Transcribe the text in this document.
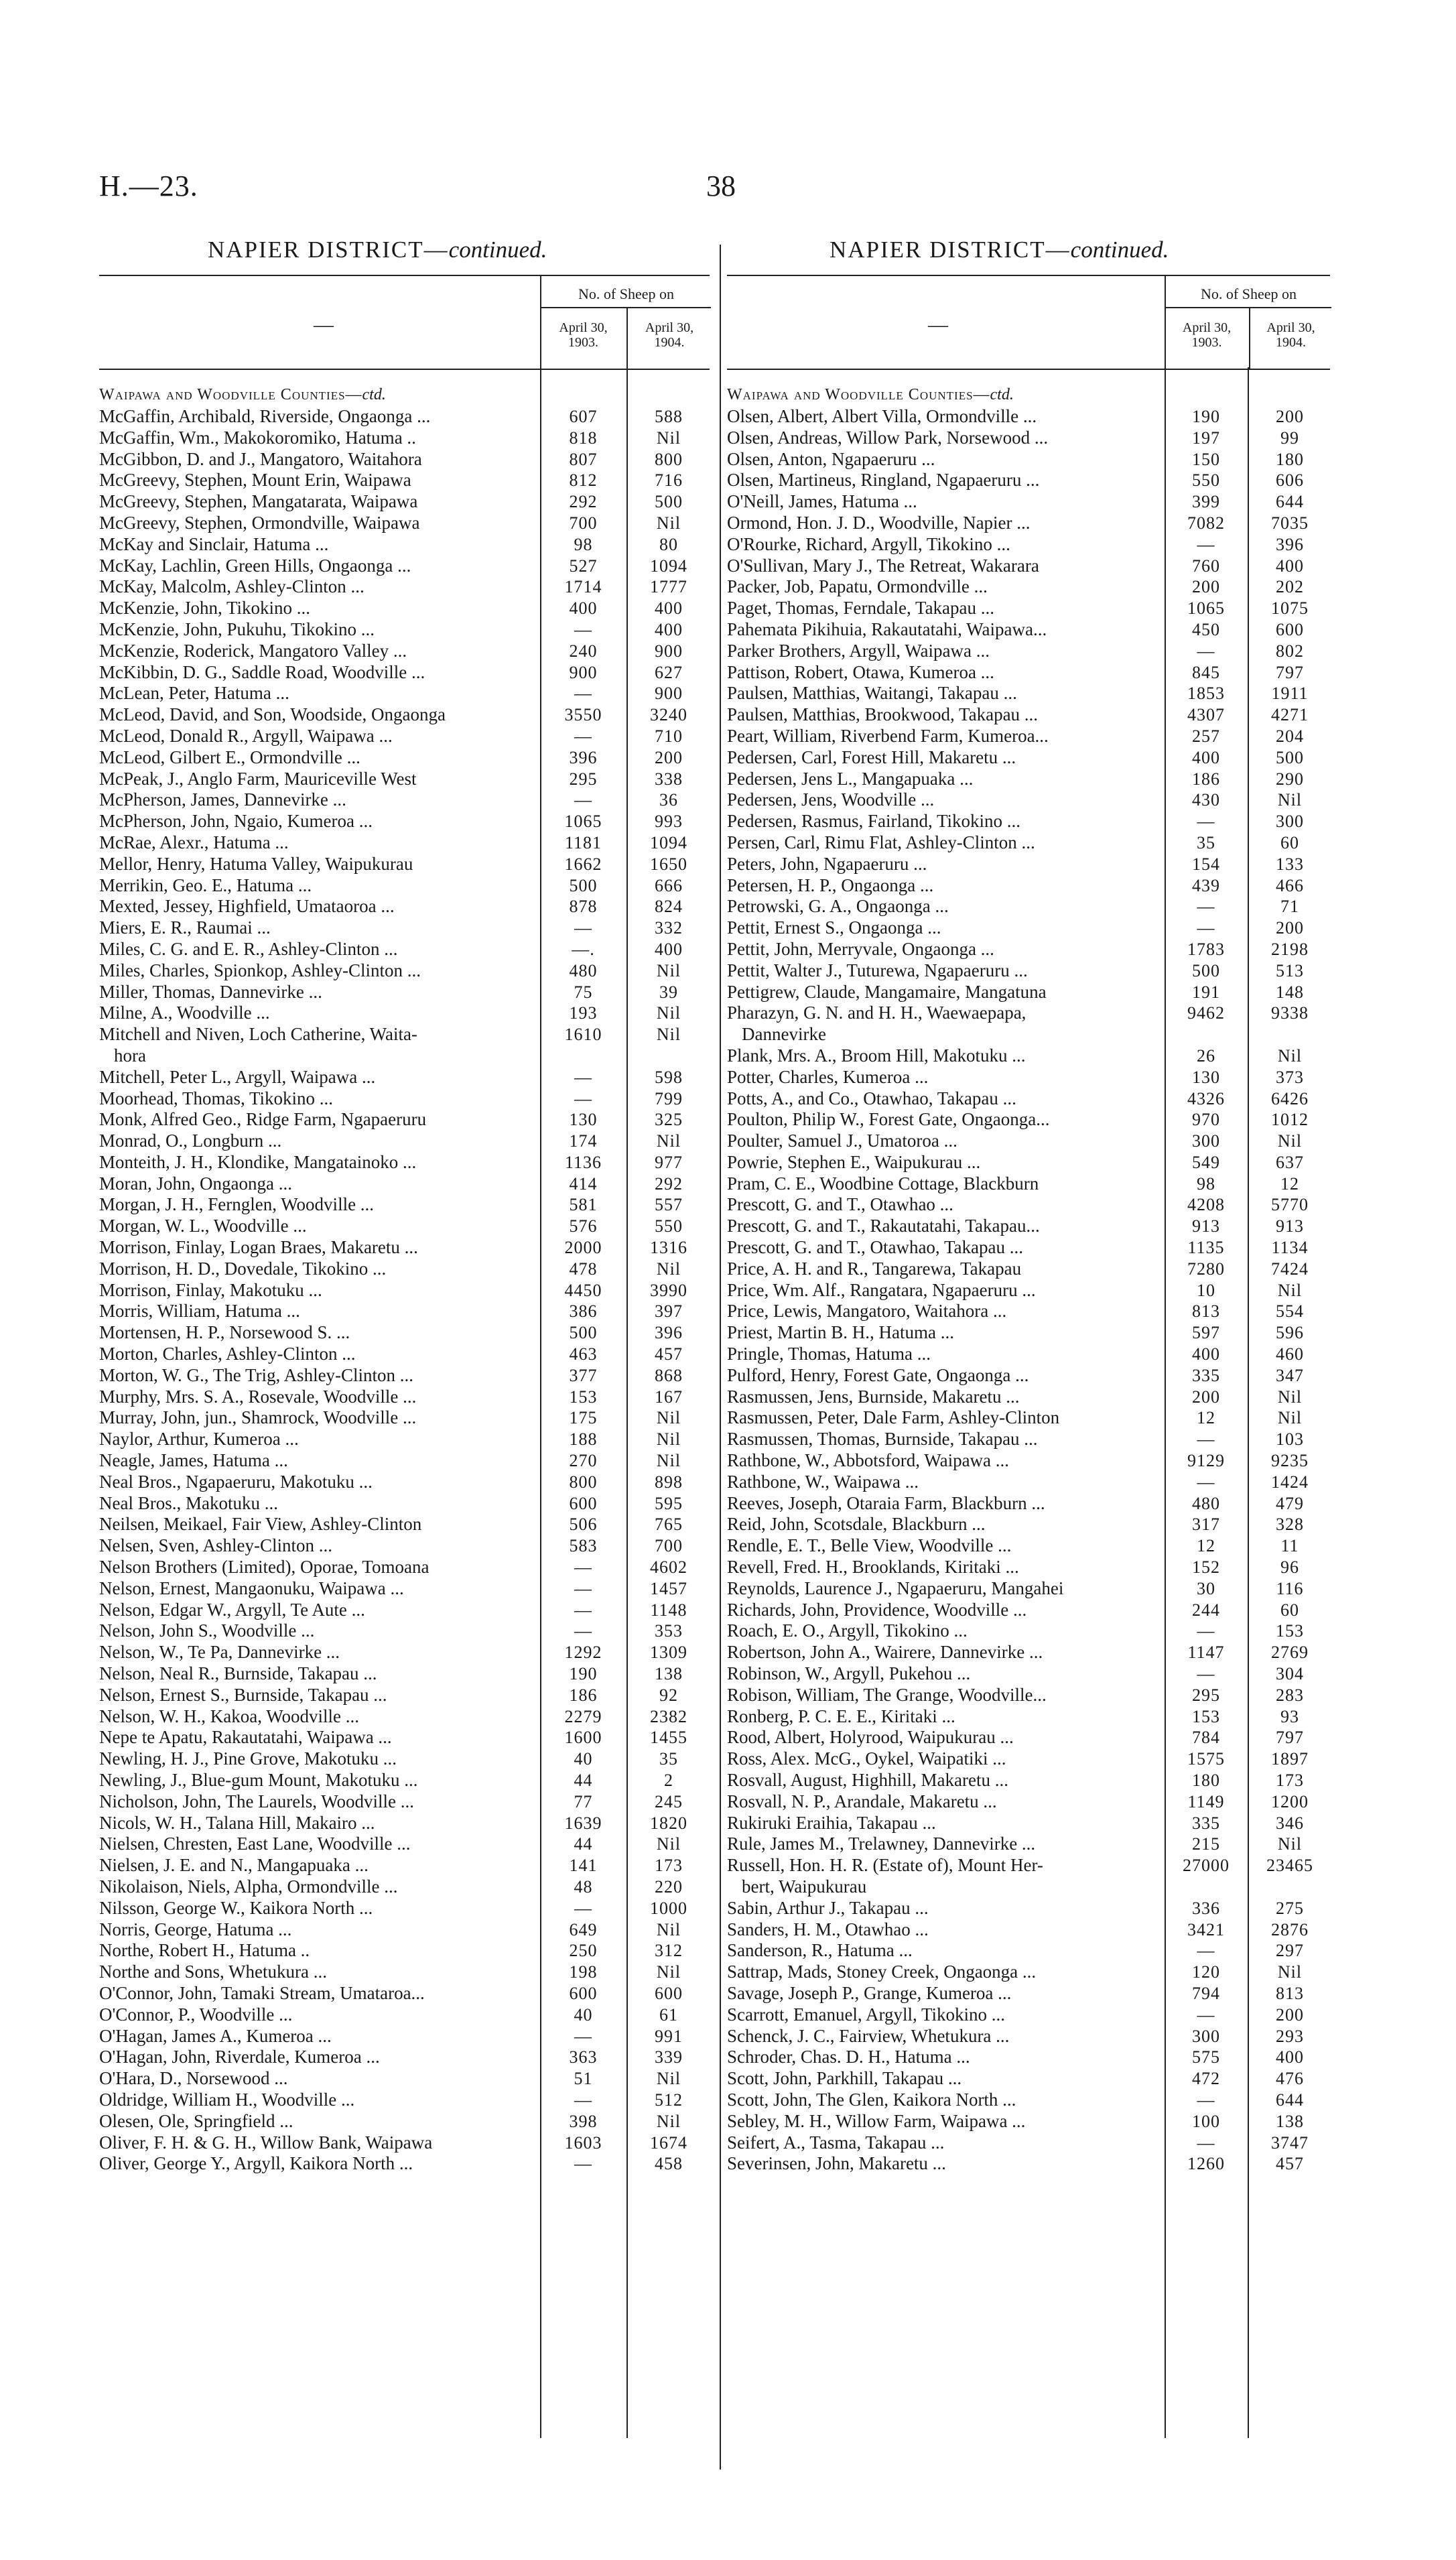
H.—23.	38
NAPIER DISTRICT—continued.	NAPIER DISTRICT—continued.
—
No. of Sheep on
April 30,
1903.
April 30,
1904.
Waipawa and Woodville Counties—ctd.
McGaffin, Archibald, Riverside, Ongaonga ...	607	588
McGaffin, Wm., Makokoromiko, Hatuma ..	818	Nil
McGibbon, D. and J., Mangatoro, Waitahora	807	800
McGreevy, Stephen, Mount Erin, Waipawa	812	716
McGreevy, Stephen, Mangatarata, Waipawa	292	500
McGreevy, Stephen, Ormondville, Waipawa	700	Nil
McKay and Sinclair, Hatuma ...	98	80
McKay, Lachlin, Green Hills, Ongaonga ...	527	1094
McKay, Malcolm, Ashley-Clinton ...	1714	1777
McKenzie, John, Tikokino ...	400	400
McKenzie, John, Pukuhu, Tikokino ...	—	400
McKenzie, Roderick, Mangatoro Valley ...	240	900
McKibbin, D. G., Saddle Road, Woodville ...	900	627
McLean, Peter, Hatuma ...	—	900
McLeod, David, and Son, Woodside, Ongaonga	3550	3240
McLeod, Donald R., Argyll, Waipawa ...	—	710
McLeod, Gilbert E., Ormondville ...	396	200
McPeak, J., Anglo Farm, Mauriceville West	295	338
McPherson, James, Dannevirke ...	—	36
McPherson, John, Ngaio, Kumeroa ...	1065	993
McRae, Alexr., Hatuma ...	1181	1094
Mellor, Henry, Hatuma Valley, Waipukurau	1662	1650
Merrikin, Geo. E., Hatuma ...	500	666
Mexted, Jessey, Highfield, Umataoroa ...	878	824
Miers, E. R., Raumai ...	—	332
Miles, C. G. and E. R., Ashley-Clinton ...	—.	400
Miles, Charles, Spionkop, Ashley-Clinton ...	480	Nil
Miller, Thomas, Dannevirke ...	75	39
Milne, A., Woodville ...	193	Nil
Mitchell and Niven, Loch Catherine, Waita-	1610	Nil
hora
Mitchell, Peter L., Argyll, Waipawa ...	—	598
Moorhead, Thomas, Tikokino ...	—	799
Monk, Alfred Geo., Ridge Farm, Ngapaeruru	130	325
Monrad, O., Longburn ...	174	Nil
Monteith, J. H., Klondike, Mangatainoko ...	1136	977
Moran, John, Ongaonga ...	414	292
Morgan, J. H., Fernglen, Woodville ...	581	557
Morgan, W. L., Woodville ...	576	550
Morrison, Finlay, Logan Braes, Makaretu ...	2000	1316
Morrison, H. D., Dovedale, Tikokino ...	478	Nil
Morrison, Finlay, Makotuku ...	4450	3990
Morris, William, Hatuma ...	386	397
Mortensen, H. P., Norsewood S. ...	500	396
Morton, Charles, Ashley-Clinton ...	463	457
Morton, W. G., The Trig, Ashley-Clinton ...	377	868
Murphy, Mrs. S. A., Rosevale, Woodville ...	153	167
Murray, John, jun., Shamrock, Woodville ...	175	Nil
Naylor, Arthur, Kumeroa ...	188	Nil
Neagle, James, Hatuma ...	270	Nil
Neal Bros., Ngapaeruru, Makotuku ...	800	898
Neal Bros., Makotuku ...	600	595
Neilsen, Meikael, Fair View, Ashley-Clinton	506	765
Nelsen, Sven, Ashley-Clinton ...	583	700
Nelson Brothers (Limited), Oporae, Tomoana	—	4602
Nelson, Ernest, Mangaonuku, Waipawa ...	—	1457
Nelson, Edgar W., Argyll, Te Aute ...	—	1148
Nelson, John S., Woodville ...	—	353
Nelson, W., Te Pa, Dannevirke ...	1292	1309
Nelson, Neal R., Burnside, Takapau ...	190	138
Nelson, Ernest S., Burnside, Takapau ...	186	92
Nelson, W. H., Kakoa, Woodville ...	2279	2382
Nepe te Apatu, Rakautatahi, Waipawa ...	1600	1455
Newling, H. J., Pine Grove, Makotuku ...	40	35
Newling, J., Blue-gum Mount, Makotuku ...	44	2
Nicholson, John, The Laurels, Woodville ...	77	245
Nicols, W. H., Talana Hill, Makairo ...	1639	1820
Nielsen, Chresten, East Lane, Woodville ...	44	Nil
Nielsen, J. E. and N., Mangapuaka ...	141	173
Nikolaison, Niels, Alpha, Ormondville ...	48	220
Nilsson, George W., Kaikora North ...	—	1000
Norris, George, Hatuma ...	649	Nil
Northe, Robert H., Hatuma ..	250	312
Northe and Sons, Whetukura ...	198	Nil
O'Connor, John, Tamaki Stream, Umataroa...	600	600
O'Connor, P., Woodville ...	40	61
O'Hagan, James A., Kumeroa ...	—	991
O'Hagan, John, Riverdale, Kumeroa ...	363	339
O'Hara, D., Norsewood ...	51	Nil
Oldridge, William H., Woodville ...	—	512
Olesen, Ole, Springfield ...	398	Nil
Oliver, F. H. & G. H., Willow Bank, Waipawa	1603	1674
Oliver, George Y., Argyll, Kaikora North ...	—	458
—
No. of Sheep on
April 30,
1903.
April 30,
1904.
Waipawa and Woodville Counties—ctd.
Olsen, Albert, Albert Villa, Ormondville ...	190	200
Olsen, Andreas, Willow Park, Norsewood ...	197	99
Olsen, Anton, Ngapaeruru ...	150	180
Olsen, Martineus, Ringland, Ngapaeruru ...	550	606
O'Neill, James, Hatuma ...	399	644
Ormond, Hon. J. D., Woodville, Napier ...	7082	7035
O'Rourke, Richard, Argyll, Tikokino ...	—	396
O'Sullivan, Mary J., The Retreat, Wakarara	760	400
Packer, Job, Papatu, Ormondville ...	200	202
Paget, Thomas, Ferndale, Takapau ...	1065	1075
Pahemata Pikihuia, Rakautatahi, Waipawa...	450	600
Parker Brothers, Argyll, Waipawa ...	—	802
Pattison, Robert, Otawa, Kumeroa ...	845	797
Paulsen, Matthias, Waitangi, Takapau ...	1853	1911
Paulsen, Matthias, Brookwood, Takapau ...	4307	4271
Peart, William, Riverbend Farm, Kumeroa...	257	204
Pedersen, Carl, Forest Hill, Makaretu ...	400	500
Pedersen, Jens L., Mangapuaka ...	186	290
Pedersen, Jens, Woodville ...	430	Nil
Pedersen, Rasmus, Fairland, Tikokino ...	—	300
Persen, Carl, Rimu Flat, Ashley-Clinton ...	35	60
Peters, John, Ngapaeruru ...	154	133
Petersen, H. P., Ongaonga ...	439	466
Petrowski, G. A., Ongaonga ...	—	71
Pettit, Ernest S., Ongaonga ...	—	200
Pettit, John, Merryvale, Ongaonga ...	1783	2198
Pettit, Walter J., Tuturewa, Ngapaeruru ...	500	513
Pettigrew, Claude, Mangamaire, Mangatuna	191	148
Pharazyn, G. N. and H. H., Waewaepapa,	9462	9338
Dannevirke
Plank, Mrs. A., Broom Hill, Makotuku ...	26	Nil
Potter, Charles, Kumeroa ...	130	373
Potts, A., and Co., Otawhao, Takapau ...	4326	6426
Poulton, Philip W., Forest Gate, Ongaonga...	970	1012
Poulter, Samuel J., Umatoroa ...	300	Nil
Powrie, Stephen E., Waipukurau ...	549	637
Pram, C. E., Woodbine Cottage, Blackburn	98	12
Prescott, G. and T., Otawhao ...	4208	5770
Prescott, G. and T., Rakautatahi, Takapau...	913	913
Prescott, G. and T., Otawhao, Takapau ...	1135	1134
Price, A. H. and R., Tangarewa, Takapau	7280	7424
Price, Wm. Alf., Rangatara, Ngapaeruru ...	10	Nil
Price, Lewis, Mangatoro, Waitahora ...	813	554
Priest, Martin B. H., Hatuma ...	597	596
Pringle, Thomas, Hatuma ...	400	460
Pulford, Henry, Forest Gate, Ongaonga ...	335	347
Rasmussen, Jens, Burnside, Makaretu ...	200	Nil
Rasmussen, Peter, Dale Farm, Ashley-Clinton	12	Nil
Rasmussen, Thomas, Burnside, Takapau ...	—	103
Rathbone, W., Abbotsford, Waipawa ...	9129	9235
Rathbone, W., Waipawa ...	—	1424
Reeves, Joseph, Otaraia Farm, Blackburn ...	480	479
Reid, John, Scotsdale, Blackburn ...	317	328
Rendle, E. T., Belle View, Woodville ...	12	11
Revell, Fred. H., Brooklands, Kiritaki ...	152	96
Reynolds, Laurence J., Ngapaeruru, Mangahei	30	116
Richards, John, Providence, Woodville ...	244	60
Roach, E. O., Argyll, Tikokino ...	—	153
Robertson, John A., Wairere, Dannevirke ...	1147	2769
Robinson, W., Argyll, Pukehou ...	—	304
Robison, William, The Grange, Woodville...	295	283
Ronberg, P. C. E. E., Kiritaki ...	153	93
Rood, Albert, Holyrood, Waipukurau ...	784	797
Ross, Alex. McG., Oykel, Waipatiki ...	1575	1897
Rosvall, August, Highhill, Makaretu ...	180	173
Rosvall, N. P., Arandale, Makaretu ...	1149	1200
Rukiruki Eraihia, Takapau ...	335	346
Rule, James M., Trelawney, Dannevirke ...	215	Nil
Russell, Hon. H. R. (Estate of), Mount Her-	27000	23465
bert, Waipukurau
Sabin, Arthur J., Takapau ...	336	275
Sanders, H. M., Otawhao ...	3421	2876
Sanderson, R., Hatuma ...	—	297
Sattrap, Mads, Stoney Creek, Ongaonga ...	120	Nil
Savage, Joseph P., Grange, Kumeroa ...	794	813
Scarrott, Emanuel, Argyll, Tikokino ...	—	200
Schenck, J. C., Fairview, Whetukura ...	300	293
Schroder, Chas. D. H., Hatuma ...	575	400
Scott, John, Parkhill, Takapau ...	472	476
Scott, John, The Glen, Kaikora North ...	—	644
Sebley, M. H., Willow Farm, Waipawa ...	100	138
Seifert, A., Tasma, Takapau ...	—	3747
Severinsen, John, Makaretu ...	1260	457
